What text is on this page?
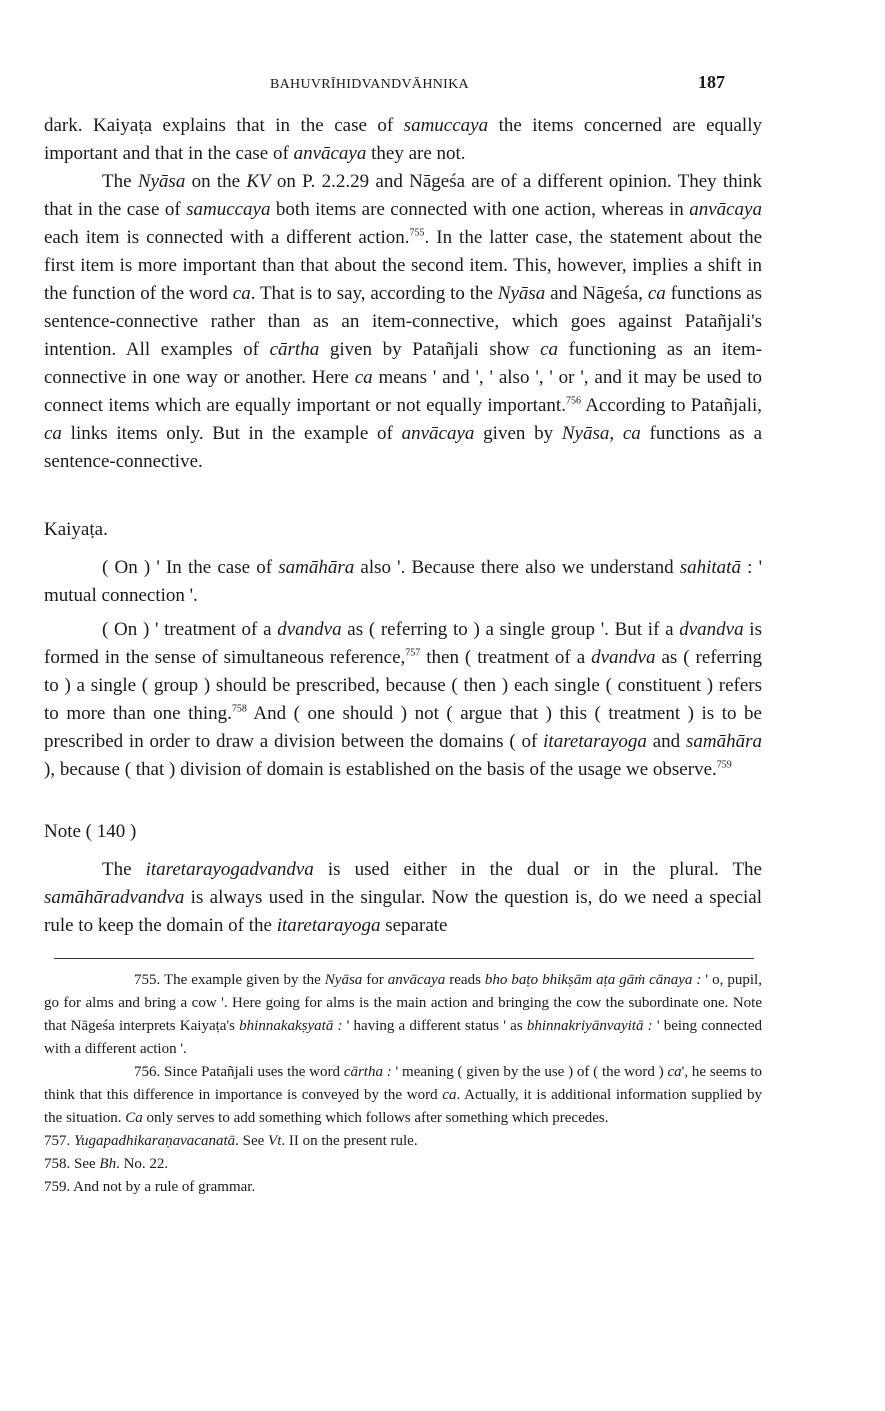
BAHUVRĪHIDVANDVĀHNIKA	187

dark. Kaiyaṭa explains that in the case of samuccaya the items concerned are equally important and that in the case of anvācaya they are not.

The Nyāsa on the KV on P. 2.2.29 and Nāgeśa are of a different opinion. They think that in the case of samuccaya both items are connected with one action, whereas in anvācaya each item is connected with a different action.$^{755}$. In the latter case, the statement about the first item is more important than that about the second item. This, however, implies a shift in the function of the word ca. That is to say, according to the Nyāsa and Nāgeśa, ca functions as sentence-connective rather than as an item-connective, which goes against Patañjali's intention. All examples of cārtha given by Patañjali show ca functioning as an item-connective in one way or another. Here ca means ' and ', ' also ', ' or ', and it may be used to connect items which are equally important or not equally important.$^{756}$ According to Patañjali, ca links items only. But in the example of anvācaya given by Nyāsa, ca functions as a sentence-connective.

Kaiyaṭa.

( On ) ' In the case of samāhāra also '. Because there also we understand sahitatā : ' mutual connection '.

( On ) ' treatment of a dvandva as ( referring to ) a single group '. But if a dvandva is formed in the sense of simultaneous reference,$^{757}$ then ( treatment of a dvandva as ( referring to ) a single ( group ) should be prescribed, because ( then ) each single ( constituent ) refers to more than one thing.$^{758}$ And ( one should ) not ( argue that ) this ( treatment ) is to be prescribed in order to draw a division between the domains ( of itaretarayoga and samāhāra ), because ( that ) division of domain is established on the basis of the usage we observe.$^{759}$

Note ( 140 )

The itaretarayogadvandva is used either in the dual or in the plural. The samāhāradvandva is always used in the singular. Now the question is, do we need a special rule to keep the domain of the itaretarayoga separate

755. The example given by the Nyāsa for anvācaya reads bho baṭo bhikṣām aṭa gāṁ cānaya : ' o, pupil, go for alms and bring a cow '. Here going for alms is the main action and bringing the cow the subordinate one. Note that Nāgeśa interprets Kaiyaṭa's bhinnakakṣyatā : ' having a different status ' as bhinnakriyānvayitā : ' being connected with a different action '.

756. Since Patañjali uses the word cārtha : ' meaning ( given by the use ) of ( the word ) ca', he seems to think that this difference in importance is conveyed by the word ca. Actually, it is additional information supplied by the situation. Ca only serves to add something which follows after something which precedes.

757. Yugapadhikaraṇavacanatā. See Vt. II on the present rule.

758. See Bh. No. 22.

759. And not by a rule of grammar.
